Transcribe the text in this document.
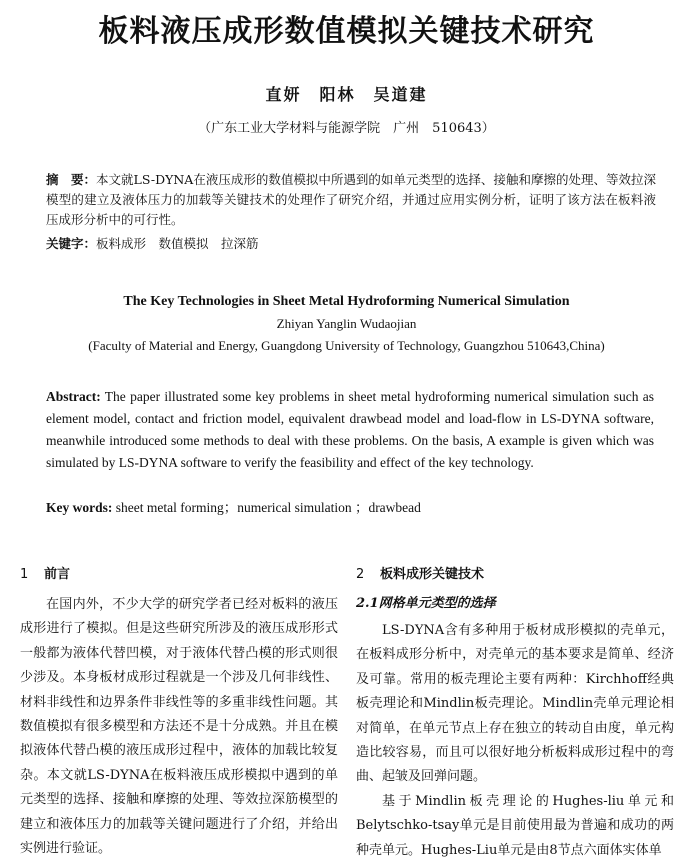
板料液压成形数值模拟关键技术研究
直妍　阳林　吴道建
（广东工业大学材料与能源学院　广州　510643）
摘　要：本文就LS-DYNA在液压成形的数值模拟中所遇到的如单元类型的选择、接触和摩擦的处理、等效拉深模型的建立及液体压力的加载等关键技术的处理作了研究介绍，并通过应用实例分析，证明了该方法在板料液压成形分析中的可行性。
关键字：板料成形　数值模拟　拉深筋
The Key Technologies in Sheet Metal Hydroforming Numerical Simulation
Zhiyan Yanglin Wudaojian
(Faculty of Material and Energy, Guangdong University of Technology, Guangzhou 510643,China)
Abstract: The paper illustrated some key problems in sheet metal hydroforming numerical simulation such as element model, contact and friction model, equivalent drawbead model and load-flow in LS-DYNA software, meanwhile introduced some methods to deal with these problems. On the basis, A example is given which was simulated by LS-DYNA software to verify the feasibility and effect of the key technology.
Key words: sheet metal forming；numerical simulation ；drawbead
1 前言

在国内外，不少大学的研究学者已经对板料的液压成形进行了模拟。但是这些研究所涉及的液压成形形式一般都为液体代替凹模，对于液体代替凸模的形式则很少涉及。本身板材成形过程就是一个涉及几何非线性、材料非线性和边界条件非线性等的多重非线性问题。其数值模拟有很多模型和方法还不是十分成熟。并且在模拟液体代替凸模的液压成形过程中，液体的加载比较复杂。本文就LS-DYNA在板料液压成形模拟中遇到的单元类型的选择、接触和摩擦的处理、等效拉深筋模型的建立和液体压力的加载等关键问题进行了介绍，并给出实例进行验证。

2 板料成形关键技术
2.1网格单元类型的选择

LS-DYNA含有多种用于板材成形模拟的壳单元，在板料成形分析中，对壳单元的基本要求是简单、经济及可靠。常用的板壳理论主要有两种：Kirchhoff经典板壳理论和Mindlin板壳理论。Mindlin壳单元理论相对简单，在单元节点上存在独立的转动自由度，单元构造比较容易，而且可以很好地分析板料成形过程中的弯曲、起皱及回弹问题。

基于Mindlin板壳理论的Hughes-liu单元和Belytschko-tsay单元是目前使用最为普遍和成功的两种壳单元。Hughes-Liu单元是由8节点六面体实体单
